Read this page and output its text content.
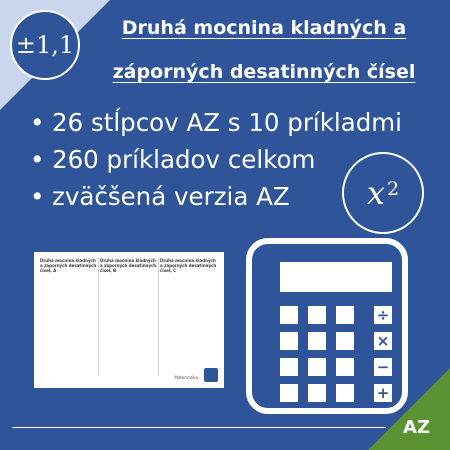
±1,1
Druhá mocnina kladných a
záporných desatinných čísel
• 26 stĺpcov AZ s 10 príkladmi
• 260 príkladov celkom
• zväčšená verzia AZ	$x^2$
Druhá mocnina kladných a záporných desatinných čísel, A
Druhá mocnina kladných a záporných desatinných čísel, B
Druhá mocnina kladných a záporných desatinných čísel, C
Matematika
÷
×
−
+
AZ
